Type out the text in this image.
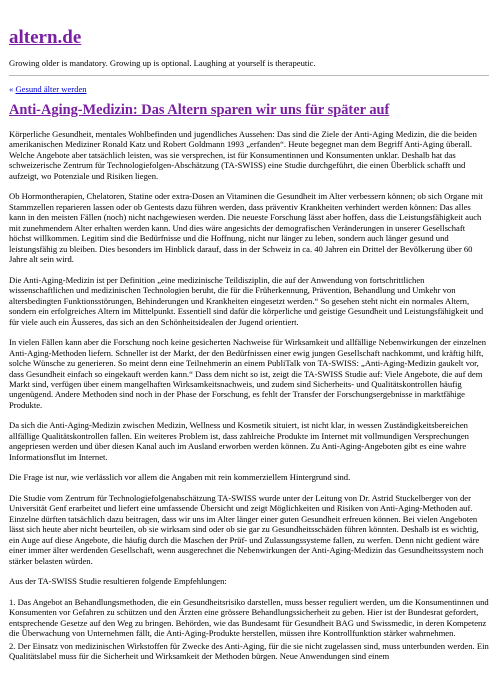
altern.de

Growing older is mandatory. Growing up is optional. Laughing at yourself is therapeutic.

« Gesund älter werden

Anti-Aging-Medizin: Das Altern sparen wir uns für später auf

Körperliche Gesundheit, mentales Wohlbefinden und jugendliches Aussehen: Das sind die Ziele der Anti-Aging Medizin, die die beiden amerikanischen Mediziner Ronald Katz und Robert Goldmann 1993 „erfanden“. Heute begegnet man dem Begriff Anti-Aging überall. Welche Angebote aber tatsächlich leisten, was sie versprechen, ist für Konsumentinnen und Konsumenten unklar. Deshalb hat das schweizerische Zentrum für Technologiefolgen-Abschätzung (TA-SWISS) eine Studie durchgeführt, die einen Überblick schafft und aufzeigt, wo Potenziale und Risiken liegen.

Ob Hormontherapien, Chelatoren, Statine oder extra-Dosen an Vitaminen die Gesundheit im Alter verbessern können; ob sich Organe mit Stammzellen reparieren lassen oder ob Gentests dazu führen werden, dass präventiv Krankheiten verhindert werden können: Das alles kann in den meisten Fällen (noch) nicht nachgewiesen werden. Die neueste Forschung lässt aber hoffen, dass die Leistungsfähigkeit auch mit zunehmendem Alter erhalten werden kann. Und dies wäre angesichts der demografischen Veränderungen in unserer Gesellschaft höchst willkommen. Legitim sind die Bedürfnisse und die Hoffnung, nicht nur länger zu leben, sondern auch länger gesund und leistungsfähig zu bleiben. Dies besonders im Hinblick darauf, dass in der Schweiz in ca. 40 Jahren ein Drittel der Bevölkerung über 60 Jahre alt sein wird.

Die Anti-Aging-Medizin ist per Definition „eine medizinische Teildisziplin, die auf der Anwendung von fortschrittlichen wissenschaftlichen und medizinischen Technologien beruht, die für die Früherkennung, Prävention, Behandlung und Umkehr von altersbedingten Funktionsstörungen, Behinderungen und Krankheiten eingesetzt werden.“ So gesehen steht nicht ein normales Altern, sondern ein erfolgreiches Altern im Mittelpunkt. Essentiell sind dafür die körperliche und geistige Gesundheit und Leistungsfähigkeit und für viele auch ein Äusseres, das sich an den Schönheitsidealen der Jugend orientiert.

In vielen Fällen kann aber die Forschung noch keine gesicherten Nachweise für Wirksamkeit und allfällige Nebenwirkungen der einzelnen Anti-Aging-Methoden liefern. Schneller ist der Markt, der den Bedürfnissen einer ewig jungen Gesellschaft nachkommt, und kräftig hilft, solche Wünsche zu generieren. So meint denn eine Teilnehmerin an einem PubliTalk von TA-SWISS: „Anti-Aging-Medizin gaukelt vor, dass Gesundheit einfach so eingekauft werden kann.“ Dass dem nicht so ist, zeigt die TA-SWISS Studie auf: Viele Angebote, die auf dem Markt sind, verfügen über einem mangelhaften Wirksamkeitsnachweis, und zudem sind Sicherheits- und Qualitätskontrollen häufig ungenügend. Andere Methoden sind noch in der Phase der Forschung, es fehlt der Transfer der Forschungsergebnisse in marktfähige Produkte.

Da sich die Anti-Aging-Medizin zwischen Medizin, Wellness und Kosmetik situiert, ist nicht klar, in wessen Zuständigkeitsbereichen allfällige Qualitätskontrollen fallen. Ein weiteres Problem ist, dass zahlreiche Produkte im Internet mit vollmundigen Versprechungen angepriesen werden und über diesen Kanal auch im Ausland erworben werden können. Zu Anti-Aging-Angeboten gibt es eine wahre Informationsflut im Internet.

Die Frage ist nur, wie verlässlich vor allem die Angaben mit rein kommerziellem Hintergrund sind.

Die Studie vom Zentrum für Technologiefolgenabschätzung TA-SWISS wurde unter der Leitung von Dr. Astrid Stuckelberger von der Universität Genf erarbeitet und liefert eine umfassende Übersicht und zeigt Möglichkeiten und Risiken von Anti-Aging-Methoden auf. Einzelne dürften tatsächlich dazu beitragen, dass wir uns im Alter länger einer guten Gesundheit erfreuen können. Bei vielen Angeboten lässt sich heute aber nicht beurteilen, ob sie wirksam sind oder ob sie gar zu Gesundheitsschäden führen könnten. Deshalb ist es wichtig, ein Auge auf diese Angebote, die häufig durch die Maschen der Prüf- und Zulassungssysteme fallen, zu werfen. Denn nicht gedient wäre einer immer älter werdenden Gesellschaft, wenn ausgerechnet die Nebenwirkungen der Anti-Aging-Medizin das Gesundheitssystem noch stärker belasten würden.

Aus der TA-SWISS Studie resultieren folgende Empfehlungen:

1. Das Angebot an Behandlungsmethoden, die ein Gesundheitsrisiko darstellen, muss besser reguliert werden, um die Konsumentinnen und Konsumenten vor Gefahren zu schützen und den Ärzten eine grössere Behandlungssicherheit zu geben. Hier ist der Bundesrat gefordert, entsprechende Gesetze auf den Weg zu bringen. Behörden, wie das Bundesamt für Gesundheit BAG und Swissmedic, in deren Kompetenz die Überwachung von Unternehmen fällt, die Anti-Aging-Produkte herstellen, müssen ihre Kontrollfunktion stärker wahrnehmen.

2. Der Einsatz von medizinischen Wirkstoffen für Zwecke des Anti-Aging, für die sie nicht zugelassen sind, muss unterbunden werden. Ein Qualitätslabel muss für die Sicherheit und Wirksamkeit der Methoden bürgen. Neue Anwendungen sind einem
